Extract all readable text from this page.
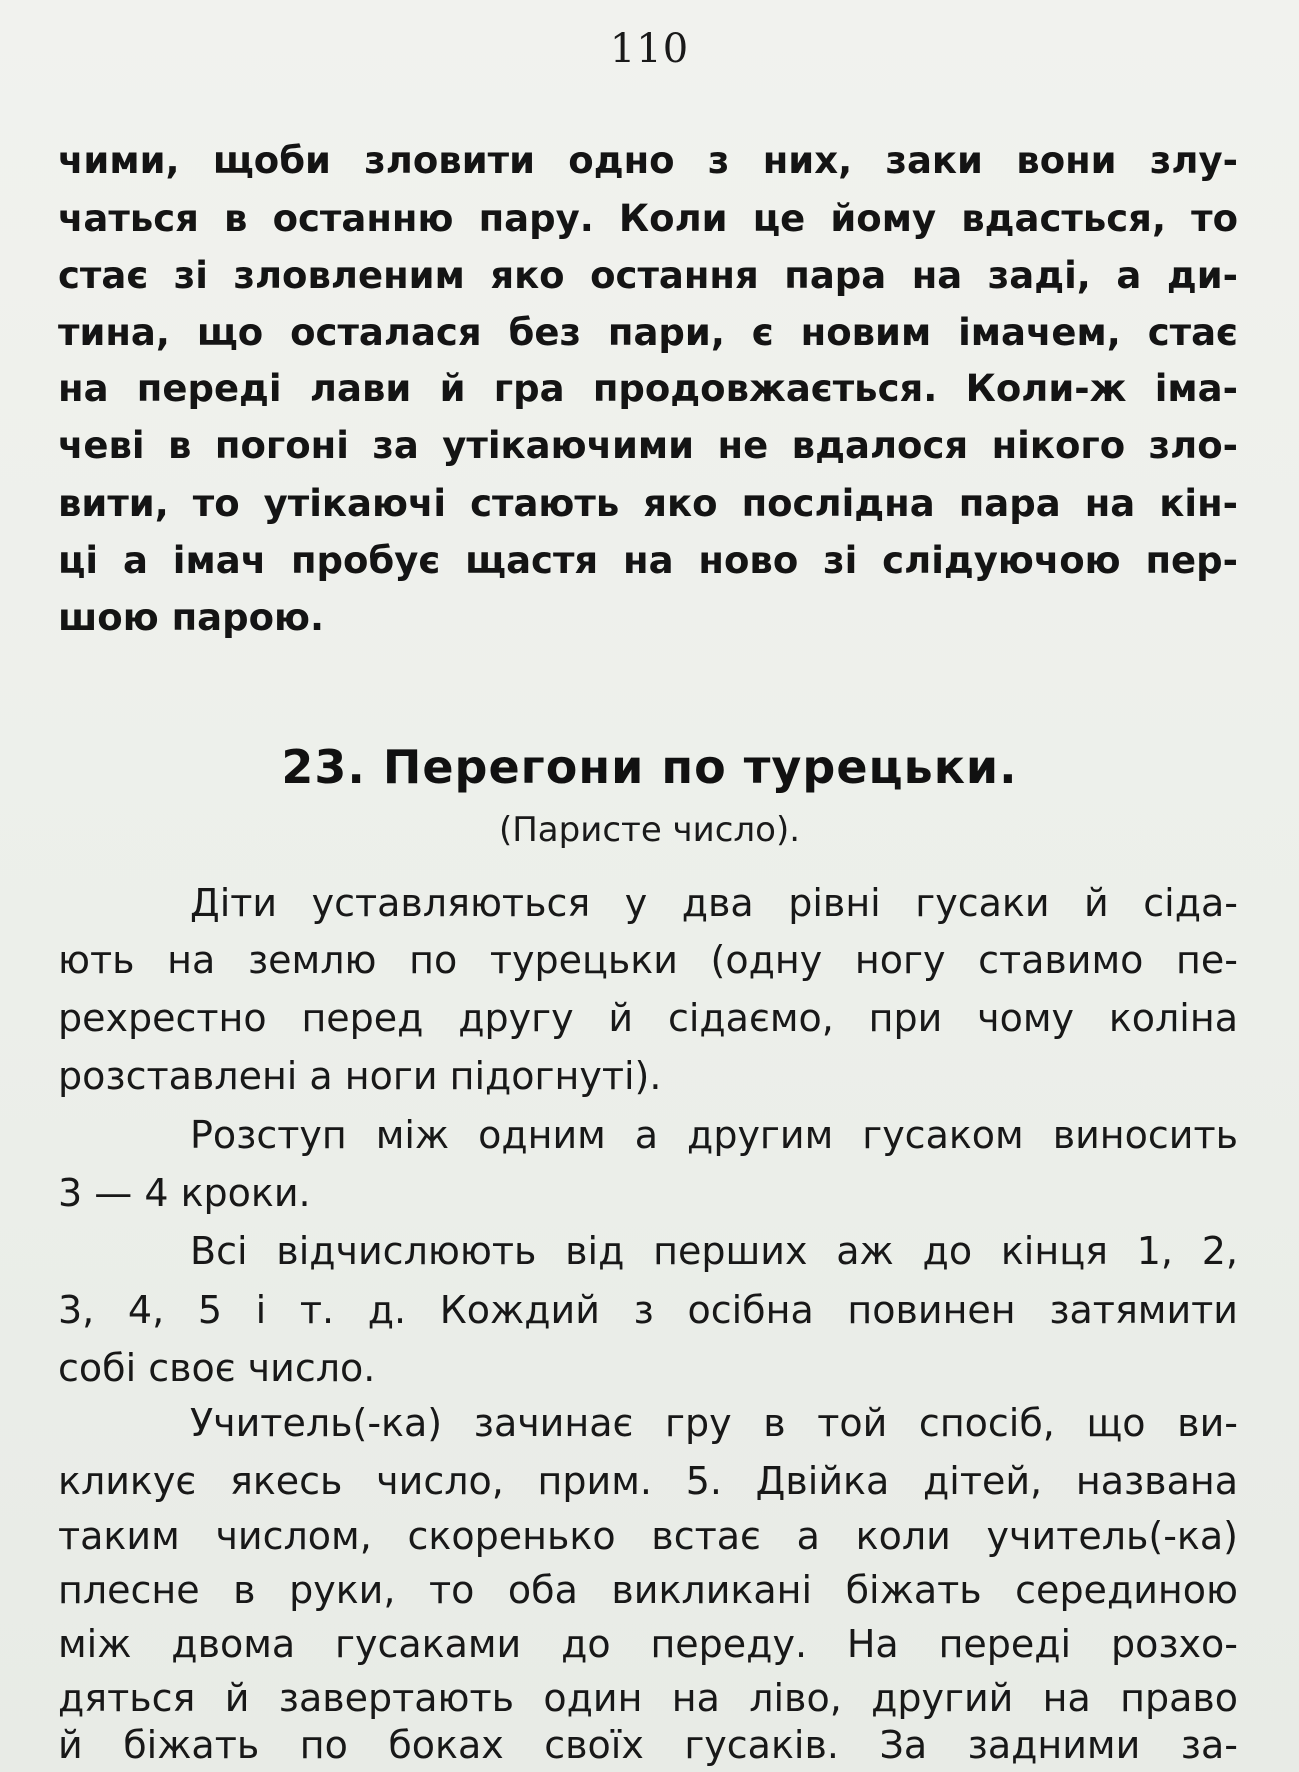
110
чими, щоби зловити одно з них, заки вони злу-
чаться в останню пару. Коли це йому вдасться, то
стає зі зловленим яко остання пара на заді, а ди-
тина, що осталася без пари, є новим імачем, стає
на переді лави й гра продовжається. Коли-ж іма-
чеві в погоні за утікаючими не вдалося нікого зло-
вити, то утікаючі стають яко послідна пара на кін-
ці а імач пробує щастя на ново зі слідуючою пер-
шою парою.
23. Перегони по турецьки.
(Паристе число).
Діти уставляються у два рівні гусаки й сіда-
ють на землю по турецьки (одну ногу ставимо пе-
рехрестно перед другу й сідаємо, при чому коліна
розставлені а ноги підогнуті).
Розступ між одним а другим гусаком виносить
3 — 4 кроки.
Всі відчислюють від перших аж до кінця 1, 2,
3, 4, 5 і т. д. Кождий з осібна повинен затямити
собі своє число.
Учитель(-ка) зачинає гру в той спосіб, що ви-
кликує якесь число, прим. 5. Двійка дітей, названа
таким числом, скоренько встає а коли учитель(-ка)
плесне в руки, то оба викликані біжать серединою
між двома гусаками до переду. На переді розхо-
дяться й завертають один на ліво, другий на право
й біжать по боках своїх гусаків. За задними за-
